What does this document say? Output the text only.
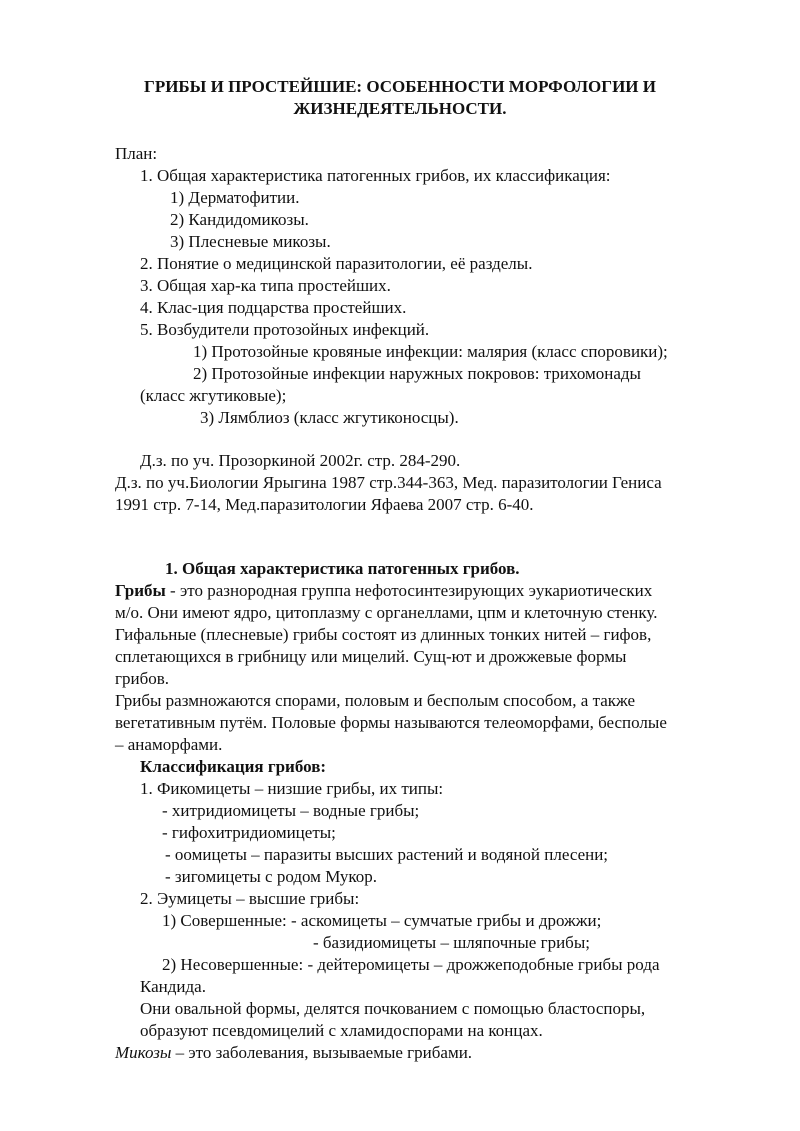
ГРИБЫ И ПРОСТЕЙШИЕ: ОСОБЕННОСТИ МОРФОЛОГИИ И
ЖИЗНЕДЕЯТЕЛЬНОСТИ.
План:
1. Общая характеристика патогенных грибов, их классификация:
1) Дерматофитии.
2) Кандидомикозы.
3) Плесневые микозы.
2. Понятие о медицинской паразитологии, её разделы.
3. Общая хар-ка типа простейших.
4. Клас-ция подцарства простейших.
5. Возбудители протозойных инфекций.
1) Протозойные кровяные инфекции: малярия (класс споровики);
2) Протозойные инфекции наружных покровов: трихомонады
(класс жгутиковые);
3) Лямблиоз (класс жгутиконосцы).
Д.з. по уч. Прозоркиной 2002г. стр. 284-290.
Д.з. по уч.Биологии Ярыгина 1987 стр.344-363, Мед. паразитологии Гениса
1991 стр. 7-14, Мед.паразитологии Яфаева 2007 стр. 6-40.
1. Общая характеристика патогенных грибов.
Грибы - это разнородная группа нефотосинтезирующих эукариотических
м/о. Они имеют ядро, цитоплазму с органеллами, цпм и клеточную стенку.
Гифальные (плесневые) грибы состоят из длинных тонких нитей – гифов,
сплетающихся в грибницу или мицелий. Сущ-ют и дрожжевые формы
грибов.
Грибы размножаются спорами, половым и бесполым способом, а также
вегетативным путём. Половые формы называются телеоморфами, бесполые
– анаморфами.
Классификация грибов:
1. Фикомицеты – низшие грибы, их типы:
- хитридиомицеты – водные грибы;
- гифохитридиомицеты;
- оомицеты – паразиты высших растений и водяной плесени;
- зигомицеты с родом Мукор.
2. Эумицеты – высшие грибы:
1) Совершенные: - аскомицеты – сумчатые грибы и дрожжи;
- базидиомицеты – шляпочные грибы;
2) Несовершенные: - дейтеромицеты – дрожжеподобные грибы рода
Кандида.
Они овальной формы, делятся почкованием с помощью бластоспоры,
образуют псевдомицелий с хламидоспорами на концах.
Микозы – это заболевания, вызываемые грибами.
